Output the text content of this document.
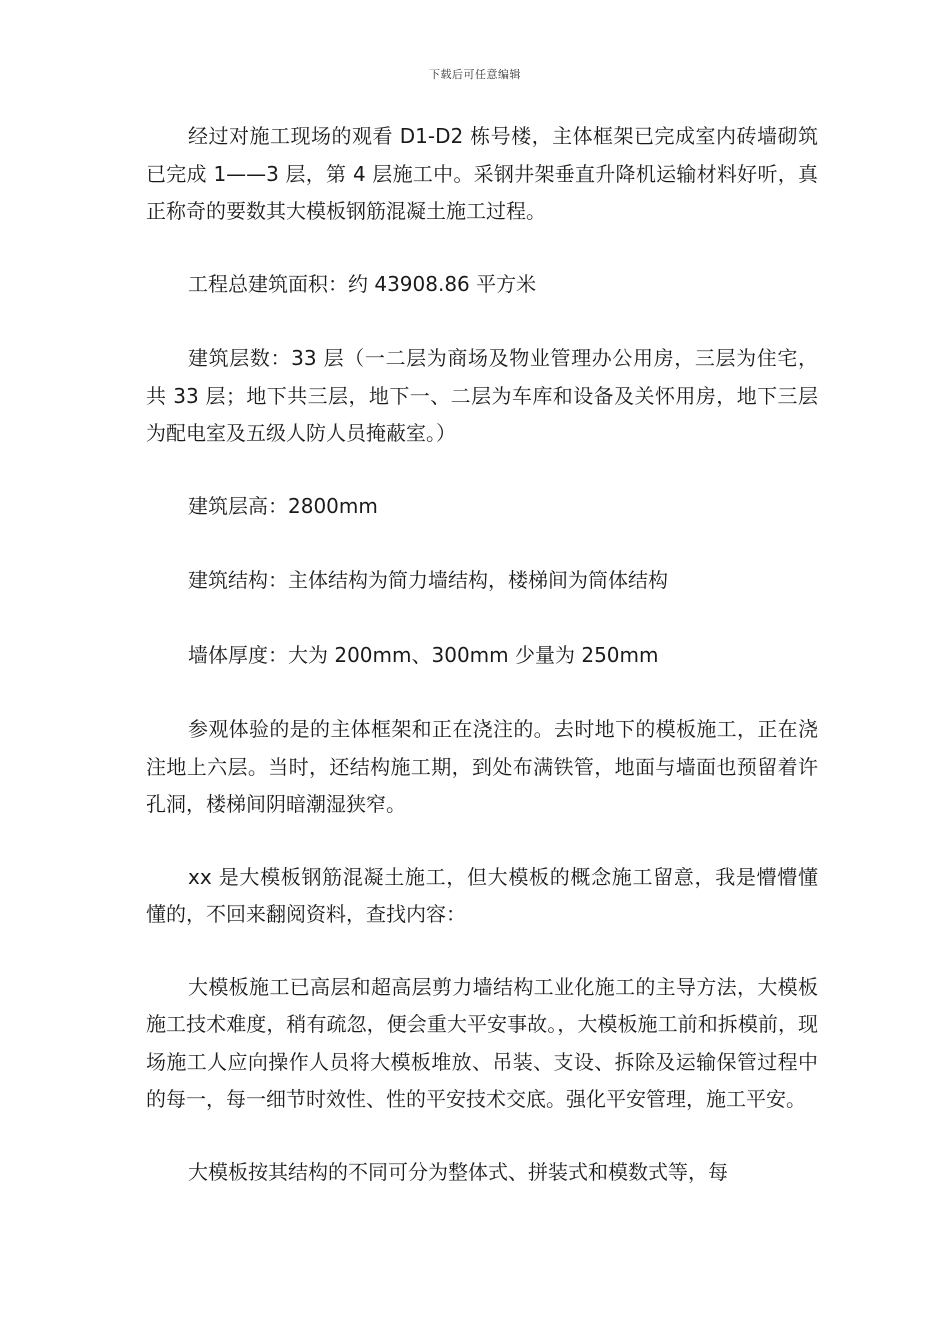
下载后可任意编辑

经过对施工现场的观看 D1-D2 栋号楼，主体框架已完成室内砖墙砌筑已完成 1——3 层，第 4 层施工中。采钢井架垂直升降机运输材料好听，真正称奇的要数其大模板钢筋混凝土施工过程。

工程总建筑面积：约 43908.86 平方米

建筑层数：33 层（一二层为商场及物业管理办公用房，三层为住宅，共 33 层；地下共三层，地下一、二层为车库和设备及关怀用房，地下三层为配电室及五级人防人员掩蔽室。）

建筑层高：2800mm

建筑结构：主体结构为简力墙结构，楼梯间为筒体结构

墙体厚度：大为 200mm、300mm 少量为 250mm

参观体验的是的主体框架和正在浇注的。去时地下的模板施工，正在浇注地上六层。当时，还结构施工期，到处布满铁管，地面与墙面也预留着许孔洞，楼梯间阴暗潮湿狭窄。

xx 是大模板钢筋混凝土施工，但大模板的概念施工留意，我是懵懵懂懂的，不回来翻阅资料，查找内容：

大模板施工已高层和超高层剪力墙结构工业化施工的主导方法，大模板施工技术难度，稍有疏忽，便会重大平安事故。，大模板施工前和拆模前，现场施工人应向操作人员将大模板堆放、吊装、支设、拆除及运输保管过程中的每一，每一细节时效性、性的平安技术交底。强化平安管理，施工平安。

大模板按其结构的不同可分为整体式、拼装式和模数式等，每
